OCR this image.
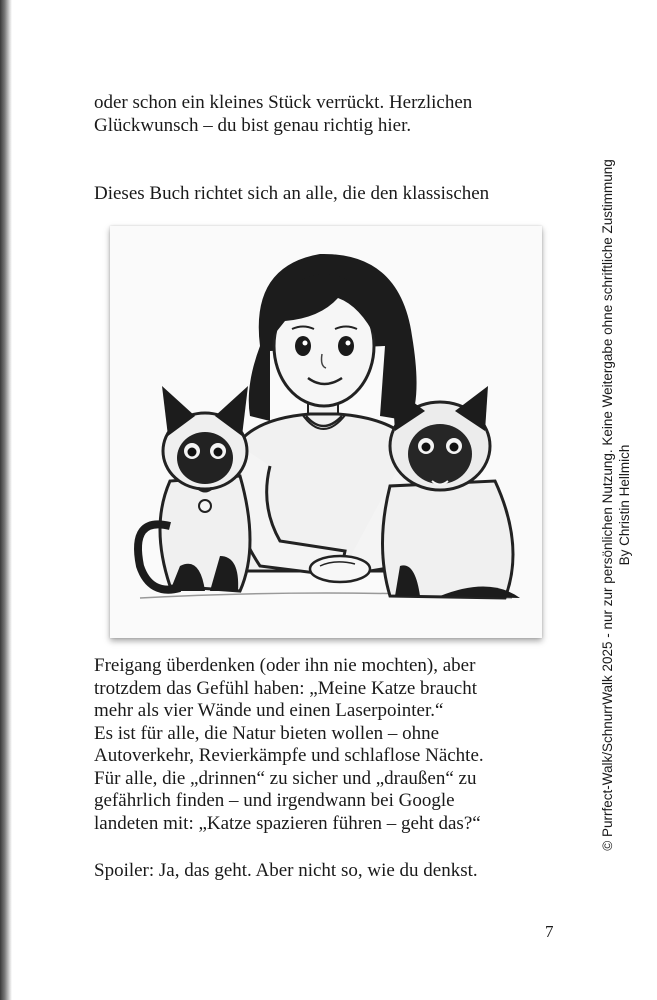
oder schon ein kleines Stück verrückt. Herzlichen
Glückwunsch – du bist genau richtig hier.
Dieses Buch richtet sich an alle, die den klassischen
Freigang überdenken (oder ihn nie mochten), aber
trotzdem das Gefühl haben: „Meine Katze braucht
mehr als vier Wände und einen Laserpointer.“
Es ist für alle, die Natur bieten wollen – ohne
Autoverkehr, Revierkämpfe und schlaflose Nächte.
Für alle, die „drinnen“ zu sicher und „draußen“ zu
gefährlich finden – und irgendwann bei Google
landeten mit: „Katze spazieren führen – geht das?“
Spoiler: Ja, das geht. Aber nicht so, wie du denkst.
7
© Purrfect-Walk/SchnurrWalk 2025 - nur zur persönlichen Nutzung. Keine Weitergabe ohne schriftliche Zustimmung By Christin Hellmich
